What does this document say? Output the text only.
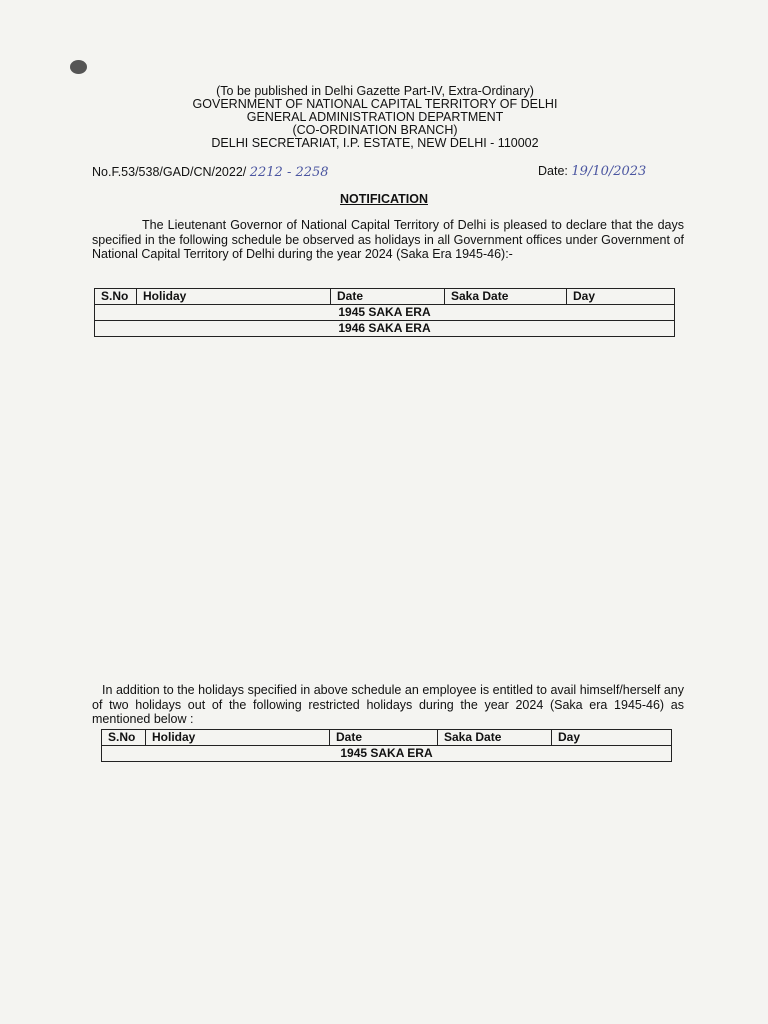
(To be published in Delhi Gazette Part-IV, Extra-Ordinary)
GOVERNMENT OF NATIONAL CAPITAL TERRITORY OF DELHI
GENERAL ADMINISTRATION DEPARTMENT
(CO-ORDINATION BRANCH)
DELHI SECRETARIAT, I.P. ESTATE, NEW DELHI - 110002
No.F.53/538/GAD/CN/2022/ 2212 - 2258	Date: 19/10/2023
NOTIFICATION
The Lieutenant Governor of National Capital Territory of Delhi is pleased to declare that the days specified in the following schedule be observed as holidays in all Government offices under Government of National Capital Territory of Delhi during the year 2024 (Saka Era 1945-46):-
S.No	Holiday	Date	Saka Date	Day
1945 SAKA ERA
1946 SAKA ERA
In addition to the holidays specified in above schedule an employee is entitled to avail himself/herself any of two holidays out of the following restricted holidays during the year 2024 (Saka era 1945-46) as mentioned below :
S.No	Holiday	Date	Saka Date	Day
1945 SAKA ERA
